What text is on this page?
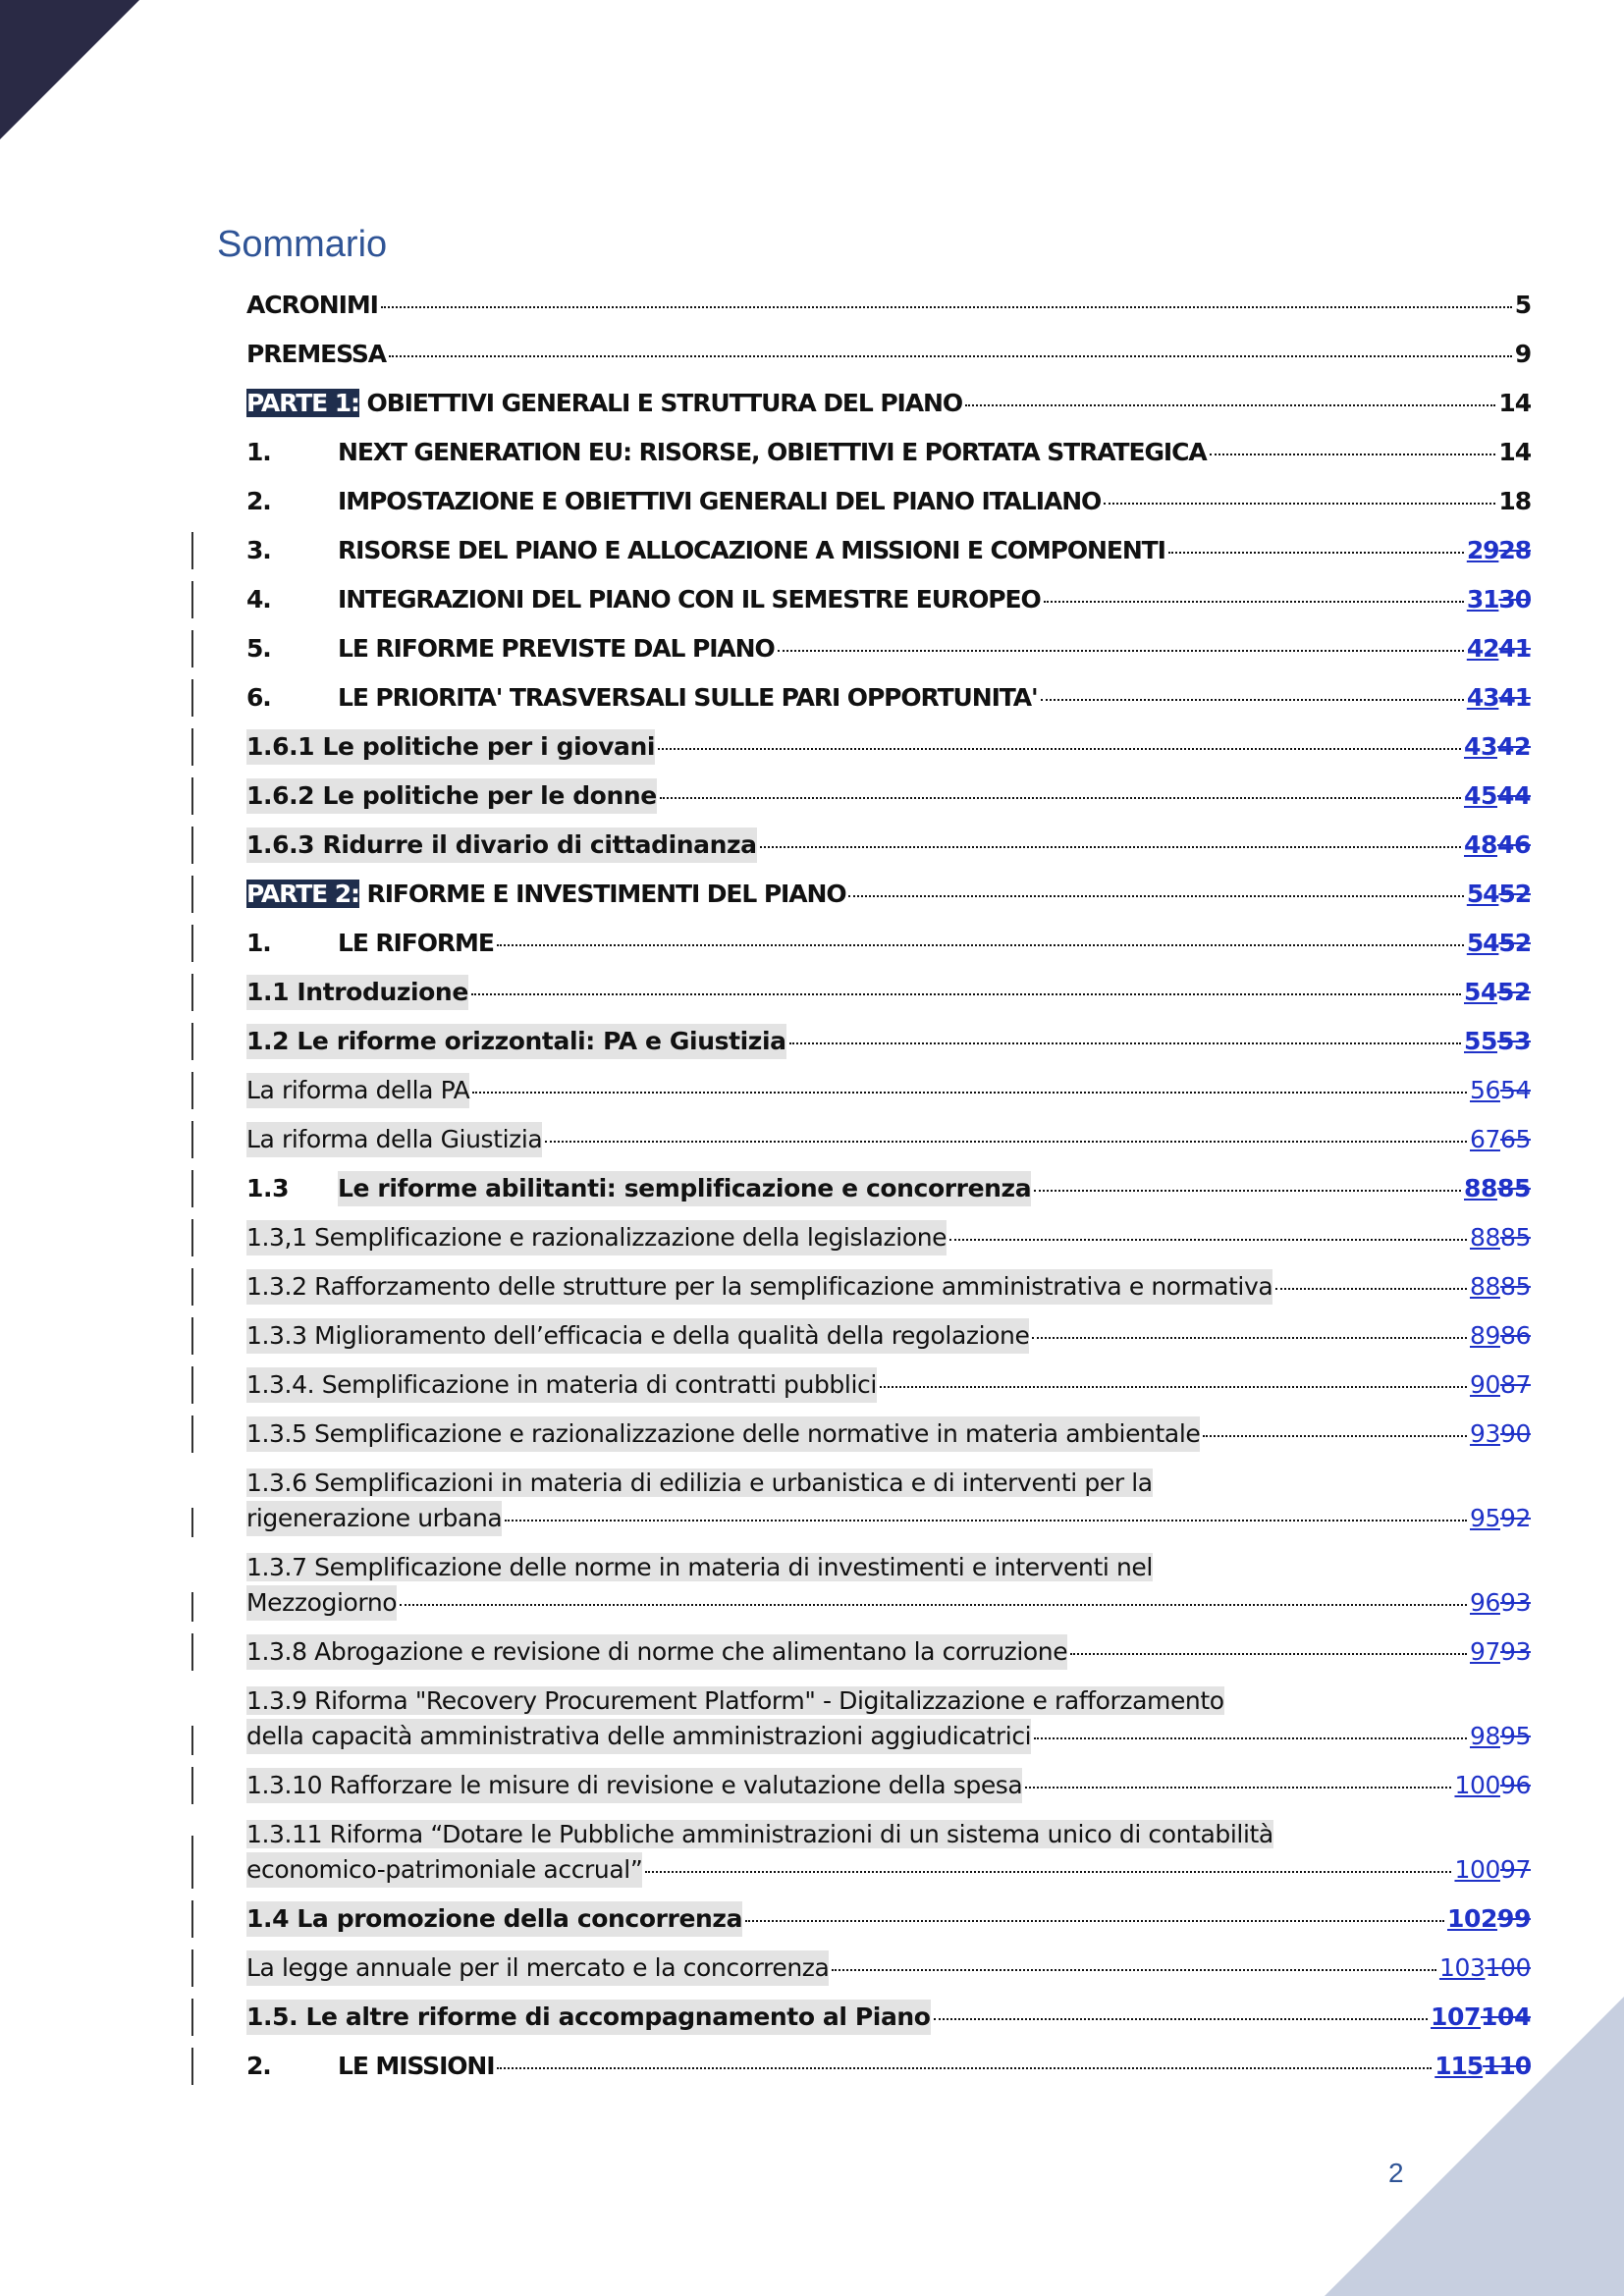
Sommario
ACRONIMI	5
PREMESSA	9
PARTE 1: OBIETTIVI GENERALI E STRUTTURA DEL PIANO	14
1.	NEXT GENERATION EU: RISORSE, OBIETTIVI E PORTATA STRATEGICA	14
2.	IMPOSTAZIONE E OBIETTIVI GENERALI DEL PIANO ITALIANO	18
3.	RISORSE DEL PIANO E ALLOCAZIONE A MISSIONI E COMPONENTI	2928
4.	INTEGRAZIONI DEL PIANO CON IL SEMESTRE EUROPEO	3130
5.	LE RIFORME PREVISTE DAL PIANO	4241
6.	LE PRIORITA' TRASVERSALI SULLE PARI OPPORTUNITA'	4341
1.6.1 Le politiche per i giovani	4342
1.6.2 Le politiche per le donne	4544
1.6.3 Ridurre il divario di cittadinanza	4846
PARTE 2: RIFORME E INVESTIMENTI DEL PIANO	5452
1.	LE RIFORME	5452
1.1 Introduzione	5452
1.2 Le riforme orizzontali: PA e Giustizia	5553
La riforma della PA	5654
La riforma della Giustizia	6765
1.3	Le riforme abilitanti: semplificazione e concorrenza	8885
1.3,1 Semplificazione e razionalizzazione della legislazione	8885
1.3.2 Rafforzamento delle strutture per la semplificazione amministrativa e normativa	8885
1.3.3 Miglioramento dell’efficacia e della qualità della regolazione	8986
1.3.4. Semplificazione in materia di contratti pubblici	9087
1.3.5 Semplificazione e razionalizzazione delle normative in materia ambientale	9390
1.3.6 Semplificazioni in materia di edilizia e urbanistica e di interventi per la
rigenerazione urbana	9592
1.3.7 Semplificazione delle norme in materia di investimenti e interventi nel
Mezzogiorno	9693
1.3.8 Abrogazione e revisione di norme che alimentano la corruzione	9793
1.3.9 Riforma "Recovery Procurement Platform" - Digitalizzazione e rafforzamento
della capacità amministrativa delle amministrazioni aggiudicatrici	9895
1.3.10 Rafforzare le misure di revisione e valutazione della spesa	10096
1.3.11 Riforma “Dotare le Pubbliche amministrazioni di un sistema unico di contabilità
economico-patrimoniale accrual”	10097
1.4 La promozione della concorrenza	10299
La legge annuale per il mercato e la concorrenza	103100
1.5. Le altre riforme di accompagnamento al Piano	107104
2.	LE MISSIONI	115110
2
